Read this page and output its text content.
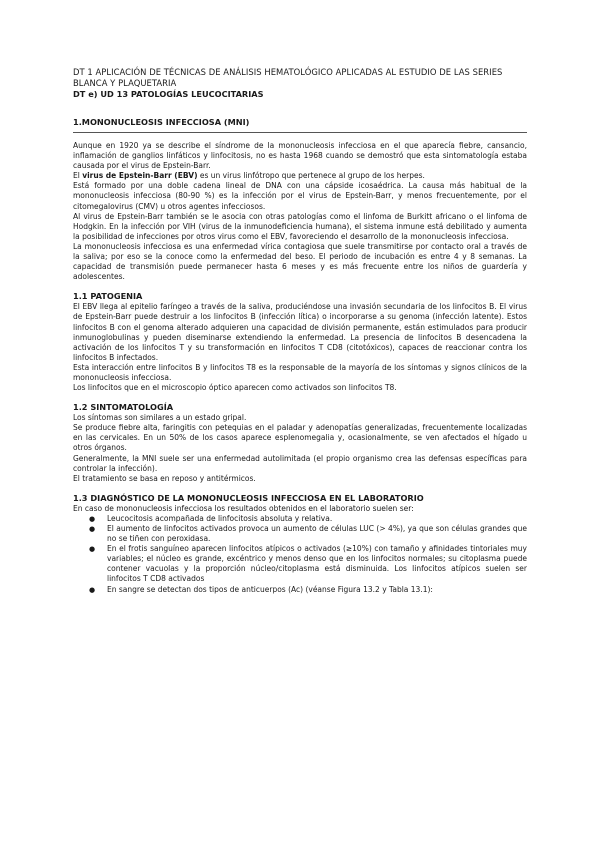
DT 1 APLICACIÓN DE TÉCNICAS DE ANÁLISIS HEMATOLÓGICO APLICADAS AL ESTUDIO DE LAS SERIES BLANCA Y PLAQUETARIA
DT e) UD 13 PATOLOGÍAS LEUCOCITARIAS
1.MONONUCLEOSIS INFECCIOSA (MNI)

Aunque en 1920 ya se describe el síndrome de la mononucleosis infecciosa en el que aparecía fiebre, cansancio, inflamación de ganglios linfáticos y linfocitosis, no es hasta 1968 cuando se demostró que esta sintomatología estaba causada por el virus de Epstein-Barr.

El virus de Epstein-Barr (EBV) es un virus linfótropo que pertenece al grupo de los herpes.

Está formado por una doble cadena lineal de DNA con una cápside icosaédrica. La causa más habitual de la mononucleosis infecciosa (80-90 %) es la infección por el virus de Epstein-Barr, y menos frecuentemente, por el citomegalovirus (CMV) u otros agentes infecciosos.

Al virus de Epstein-Barr también se le asocia con otras patologías como el linfoma de Burkitt africano o el linfoma de Hodgkin. En la infección por VIH (virus de la inmunodeficiencia humana), el sistema inmune está debilitado y aumenta la posibilidad de infecciones por otros virus como el EBV, favoreciendo el desarrollo de la mononucleosis infecciosa.

La mononucleosis infecciosa es una enfermedad vírica contagiosa que suele transmitirse por contacto oral a través de la saliva; por eso se la conoce como la enfermedad del beso. El periodo de incubación es entre 4 y 8 semanas. La capacidad de transmisión puede permanecer hasta 6 meses y es más frecuente entre los niños de guardería y adolescentes.

1.1 PATOGENIA

El EBV llega al epitelio faríngeo a través de la saliva, produciéndose una invasión secundaria de los linfocitos B. El virus de Epstein-Barr puede destruir a los linfocitos B (infección lítica) o incorporarse a su genoma (infección latente). Estos linfocitos B con el genoma alterado adquieren una capacidad de división permanente, están estimulados para producir inmunoglobulinas y pueden diseminarse extendiendo la enfermedad. La presencia de linfocitos B desencadena la activación de los linfocitos T y su transformación en linfocitos T CD8 (citotóxicos), capaces de reaccionar contra los linfocitos B infectados.

Esta interacción entre linfocitos B y linfocitos T8 es la responsable de la mayoría de los síntomas y signos clínicos de la mononucleosis infecciosa.

Los linfocitos que en el microscopio óptico aparecen como activados son linfocitos T8.

1.2 SINTOMATOLOGÍA

Los síntomas son similares a un estado gripal.

Se produce fiebre alta, faringitis con petequias en el paladar y adenopatías generalizadas, frecuentemente localizadas en las cervicales. En un 50% de los casos aparece esplenomegalia y, ocasionalmente, se ven afectados el hígado u otros órganos.

Generalmente, la MNI suele ser una enfermedad autolimitada (el propio organismo crea las defensas específicas para controlar la infección).

El tratamiento se basa en reposo y antitérmicos.

1.3 DIAGNÓSTICO DE LA MONONUCLEOSIS INFECCIOSA EN EL LABORATORIO

En caso de mononucleosis infecciosa los resultados obtenidos en el laboratorio suelen ser:

● Leucocitosis acompañada de linfocitosis absoluta y relativa.
● El aumento de linfocitos activados provoca un aumento de células LUC (> 4%), ya que son células grandes que no se tiñen con peroxidasa.
● En el frotis sanguíneo aparecen linfocitos atípicos o activados (≥10%) con tamaño y afinidades tintoriales muy variables; el núcleo es grande, excéntrico y menos denso que en los linfocitos normales; su citoplasma puede contener vacuolas y la proporción núcleo/citoplasma está disminuida. Los linfocitos atípicos suelen ser linfocitos T CD8 activados
● En sangre se detectan dos tipos de anticuerpos (Ac) (véanse Figura 13.2 y Tabla 13.1):
